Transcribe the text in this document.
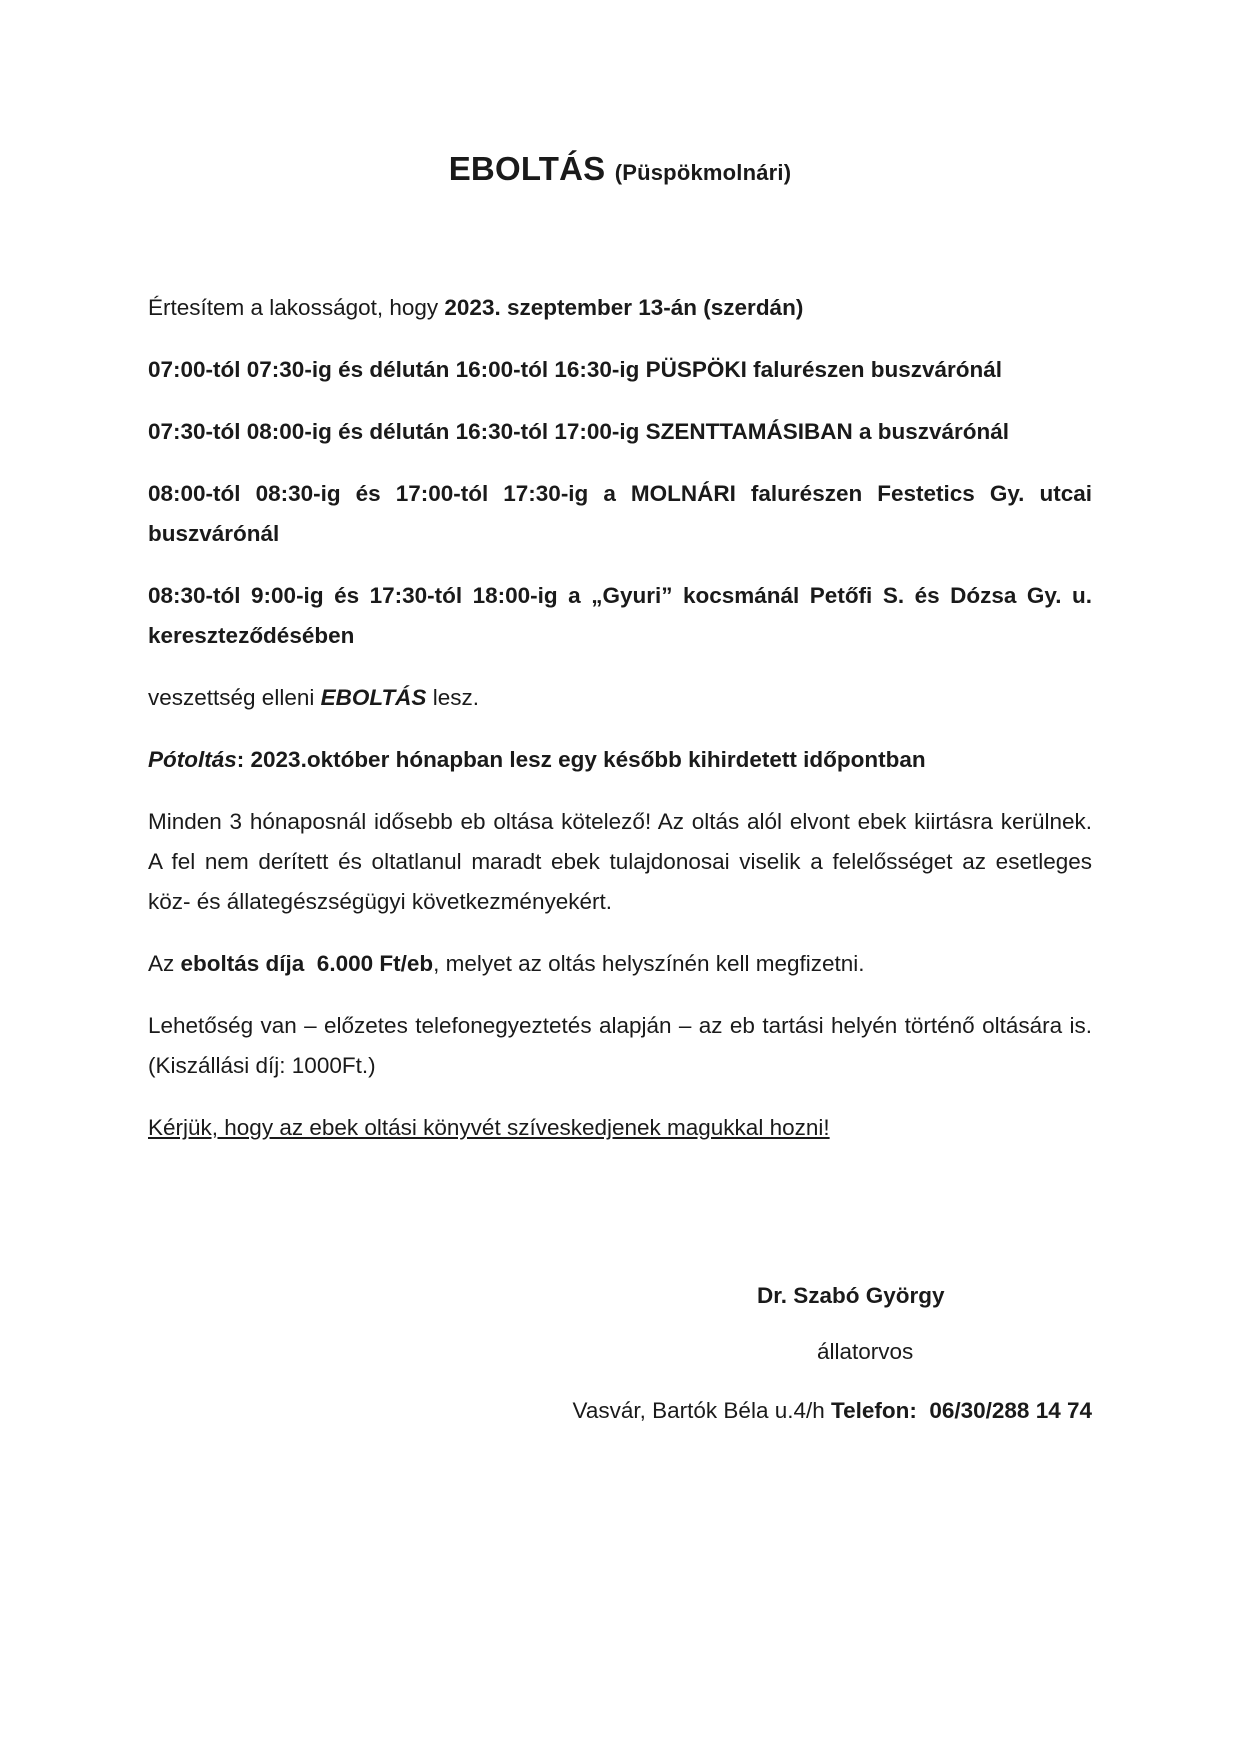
EBOLTÁS (Püspökmolnári)

Értesítem a lakosságot, hogy 2023. szeptember 13-án (szerdán)

07:00-tól 07:30-ig és délután 16:00-tól 16:30-ig PÜSPÖKI falurészen buszvárónál

07:30-tól 08:00-ig és délután 16:30-tól 17:00-ig SZENTTAMÁSIBAN a buszvárónál

08:00-tól 08:30-ig és 17:00-tól 17:30-ig a MOLNÁRI falurészen Festetics Gy. utcai buszvárónál

08:30-tól 9:00-ig és 17:30-tól 18:00-ig a „Gyuri” kocsmánál Petőfi S. és Dózsa Gy. u. kereszteződésében

veszettség elleni EBOLTÁS lesz.

Pótoltás: 2023.október hónapban lesz egy később kihirdetett időpontban

Minden 3 hónaposnál idősebb eb oltása kötelező! Az oltás alól elvont ebek kiirtásra kerülnek. A fel nem derített és oltatlanul maradt ebek tulajdonosai viselik a felelősséget az esetleges köz- és állategészségügyi következményekért.

Az eboltás díja  6.000 Ft/eb, melyet az oltás helyszínén kell megfizetni.

Lehetőség van – előzetes telefonegyeztetés alapján – az eb tartási helyén történő oltására is.(Kiszállási díj: 1000Ft.)

Kérjük, hogy az ebek oltási könyvét szíveskedjenek magukkal hozni!

Dr. Szabó György
állatorvos
Vasvár, Bartók Béla u.4/h Telefon:  06/30/288 14 74
